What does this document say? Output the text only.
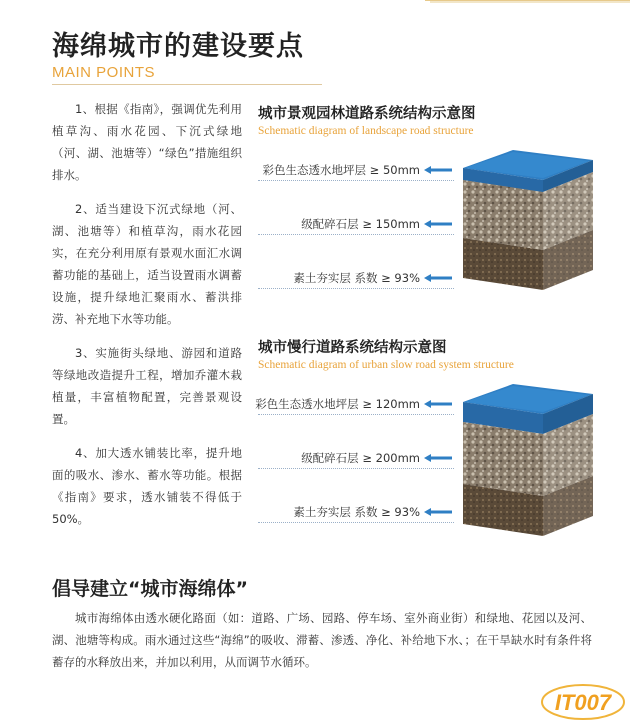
海绵城市的建设要点
MAIN POINTS

1、根据《指南》，强调优先利用植草沟、雨水花园、下沉式绿地（河、湖、池塘等）“绿色”措施组织排水。

2、适当建设下沉式绿地（河、湖、池塘等）和植草沟，雨水花园实，在充分利用原有景观水面汇水调蓄功能的基础上，适当设置雨水调蓄设施，提升绿地汇聚雨水、蓄洪排涝、补充地下水等功能。

3、实施街头绿地、游园和道路等绿地改造提升工程，增加乔灌木栽植量，丰富植物配置，完善景观设置。

4、加大透水铺装比率，提升地面的吸水、渗水、蓄水等功能。根据《指南》要求，透水铺装不得低于50%。

城市景观园林道路系统结构示意图
Schematic diagram of landscape road structure
彩色生态透水地坪层 ≥ 50mm
级配碎石层 ≥ 150mm
素土夯实层 系数 ≥ 93%
城市慢行道路系统结构示意图
Schematic diagram of urban slow road system structure
彩色生态透水地坪层 ≥ 120mm
级配碎石层 ≥ 200mm
素土夯实层 系数 ≥ 93%
倡导建立“城市海绵体”
城市海绵体由透水硬化路面（如：道路、广场、园路、停车场、室外商业街）和绿地、花园以及河、湖、池塘等构成。雨水通过这些“海绵”的吸收、滞蓄、渗透、净化、补给地下水、；在干旱缺水时有条件将蓄存的水释放出来，并加以利用，从而调节水循环。
IT007
